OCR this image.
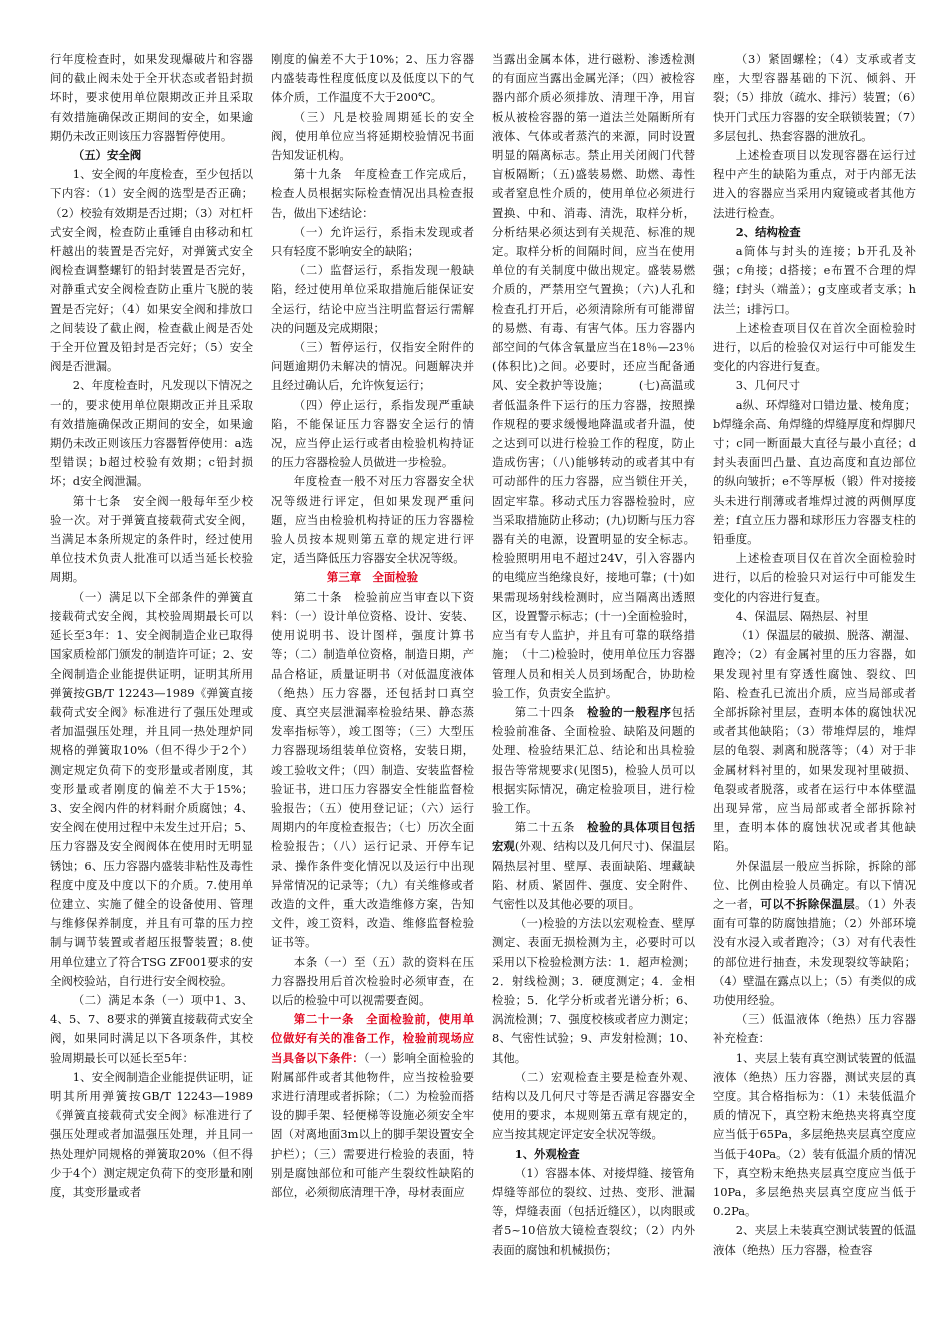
行年度检查时，如果发现爆破片和容器间的截止阀未处于全开状态或者铅封损坏时，要求使用单位限期改正并且采取有效措施确保改正期间的安全，如果逾期仍未改正则该压力容器暂停使用。

（五）安全阀

1、安全阀的年度检查，至少包括以下内容：（1）安全阀的选型是否正确；（2）校验有效期是否过期；（3）对杠杆式安全阀，检查防止重锤自由移动和杠杆越出的装置是否完好，对弹簧式安全阀检查调整螺钉的铅封装置是否完好，对静重式安全阀检查防止重片飞脱的装置是否完好；（4）如果安全阀和排放口之间装设了截止阀，检查截止阀是否处于全开位置及铅封是否完好；（5）安全阀是否泄漏。

2、年度检查时，凡发现以下情况之一的，要求使用单位限期改正并且采取有效措施确保改正期间的安全，如果逾期仍未改正则该压力容器暂停使用：a选型错误；b超过校验有效期；c铅封损坏；d安全阀泄漏。

第十七条　安全阀一般每年至少校验一次。对于弹簧直接载荷式安全阀，当满足本条所规定的条件时，经过使用单位技术负责人批准可以适当延长校验周期。

（一）满足以下全部条件的弹簧直接载荷式安全阀，其校验周期最长可以延长至3年：1、安全阀制造企业已取得国家质检部门颁发的制造许可证；2、安全阀制造企业能提供证明，证明其所用弹簧按GB/T 12243—1989《弹簧直接载荷式安全阀》标准进行了强压处理或者加温强压处理，并且同一热处理炉同规格的弹簧取10%（但不得少于2个）测定规定负荷下的变形量或者刚度，其变形量或者刚度的偏差不大于15%；3、安全阀内件的材料耐介质腐蚀；4、安全阀在使用过程中未发生过开启；5、压力容器及安全阀阀体在使用时无明显锈蚀；6、压力容器内盛装非粘性及毒性程度中度及中度以下的介质。7.使用单位建立、实施了健全的设备使用、管理与维修保养制度，并且有可靠的压力控制与调节装置或者超压报警装置；8.使用单位建立了符合TSG ZF001要求的安全阀校验站，自行进行安全阀校验。

（二）满足本条（一）项中1、3、4、5、7、8要求的弹簧直接载荷式安全阀，如果同时满足以下各项条件，其校验周期最长可以延长至5年：

1、安全阀制造企业能提供证明，证明其所用弹簧按GB/T 12243—1989《弹簧直接载荷式安全阀》标准进行了强压处理或者加温强压处理，并且同一热处理炉同规格的弹簧取20%（但不得少于4个）测定规定负荷下的变形量和刚度，其变形量或者

刚度的偏差不大于10%；2、压力容器内盛装毒性程度低度以及低度以下的气体介质，工作温度不大于200℃。

（三）凡是校验周期延长的安全阀，使用单位应当将延期校验情况书面告知发证机构。

第十九条　年度检查工作完成后，检查人员根据实际检查情况出具检查报告，做出下述结论：

（一）允许运行，系指未发现或者只有轻度不影响安全的缺陷；

（二）监督运行，系指发现一般缺陷，经过使用单位采取措施后能保证安全运行，结论中应当注明监督运行需解决的问题及完成期限；

（三）暂停运行，仅指安全附件的问题逾期仍未解决的情况。问题解决并且经过确认后，允许恢复运行；

（四）停止运行，系指发现严重缺陷，不能保证压力容器安全运行的情况，应当停止运行或者由检验机构持证的压力容器检验人员做进一步检验。

年度检查一般不对压力容器安全状况等级进行评定，但如果发现严重问题，应当由检验机构持证的压力容器检验人员按本规则第五章的规定进行评定，适当降低压力容器安全状况等级。

第三章　全面检验

第二十条　检验前应当审查以下资料：（一）设计单位资格、设计、安装、使用说明书、设计图样，强度计算书等；（二）制造单位资格，制造日期，产品合格证，质量证明书（对低温度液体（绝热）压力容器，还包括封口真空度、真空夹层泄漏率检验结果、静态蒸发率指标等），竣工图等；（三）大型压力容器现场组装单位资格，安装日期，竣工验收文件；（四）制造、安装监督检验证书，进口压力容器安全性能监督检验报告；（五）使用登记证；（六）运行周期内的年度检查报告；（七）历次全面检验报告；（八）运行记录、开停车记录、操作条件变化情况以及运行中出现异常情况的记录等；（九）有关维修或者改造的文件，重大改造维修方案，告知文件，竣工资料，改造、维修监督检验证书等。

本条（一）至（五）款的资料在压力容器投用后首次检验时必须审查，在以后的检验中可以视需要查阅。

第二十一条　全面检验前，使用单位做好有关的准备工作，检验前现场应当具备以下条件：（一）影响全面检验的附属部件或者其他物件，应当按检验要求进行清理或者拆除；（二）为检验而搭设的脚手架、轻便梯等设施必须安全牢固（对离地面3m以上的脚手架设置安全护栏）；（三）需要进行检验的表面，特别是腐蚀部位和可能产生裂纹性缺陷的部位，必须彻底清理干净，母材表面应

当露出金属本体，进行磁粉、渗透检测的有面应当露出金属光泽；（四）被检容器内部介质必须排放、清理干净，用盲板从被检容器的第一道法兰处隔断所有液体、气体或者蒸汽的来源，同时设置明显的隔离标志。禁止用关闭阀门代替盲板隔断；（五)盛装易燃、助燃、毒性或者窒息性介质的，使用单位必须进行置换、中和、消毒、清洗，取样分析，分析结果必须达到有关规范、标准的规定。取样分析的间隔时间，应当在使用单位的有关制度中做出规定。盛装易燃介质的，严禁用空气置换；（六)人孔和检查孔打开后，必须清除所有可能滞留的易燃、有毒、有害气体。压力容器内部空间的气体含氧量应当在18％—23％(体积比)之间。必要时，还应当配备通风、安全救护等设施；　　　(七)高温或者低温条件下运行的压力容器，按照操作规程的要求缓慢地降温或者升温，使之达到可以进行检验工作的程度，防止造成伤害；（八)能够转动的或者其中有可动部件的压力容器，应当锁住开关，固定牢靠。移动式压力容器检验时，应当采取措施防止移动；(九)切断与压力容器有关的电源，设置明显的安全标志。检验照明用电不超过24V，引入容器内的电缆应当绝缘良好，接地可靠；(十)如果需现场射线检测时，应当隔离出透照区，设置警示标志；(十一)全面检验时，应当有专人监护，并且有可靠的联络措施；　（十二)检验时，使用单位压力容器管理人员和相关人员到场配合，协助检验工作，负责安全监护。

第二十四条　检验的一般程序包括检验前准备、全面检验、缺陷及问题的处理、检验结果汇总、结论和出具检验报告等常规要求(见图5)，检验人员可以根据实际情况，确定检验项目，进行检验工作。

第二十五条　检验的具体项目包括宏观(外观、结构以及几何尺寸)、保温层隔热层衬里、壁厚、表面缺陷、埋藏缺陷、材质、紧固件、强度、安全附件、气密性以及其他必要的项目。

（一)检验的方法以宏观检查、壁厚测定、表面无损检测为主，必要时可以采用以下检验检测方法：1．超声检测；2．射线检测；3．硬度测定；4．金相检验；5．化学分析或者光谱分析；6、涡流检测；7、强度校核或者应力测定；8、气密性试验；9、声发射检测；10、其他。

（二）宏观检查主要是检查外观、结构以及几何尺寸等是否满足容器安全使用的要求，本规则第五章有规定的，应当按其规定评定安全状况等级。

1、外观检查

（1）容器本体、对接焊缝、接管角焊缝等部位的裂纹、过热、变形、泄漏等，焊缝表面（包括近缝区），以肉眼或者5~10倍放大镜检查裂纹；（2）内外表面的腐蚀和机械损伤；

（3）紧固螺栓；（4）支承或者支座，大型容器基础的下沉、倾斜、开裂；（5）排放（疏水、排污）装置；（6）快开门式压力容器的安全联锁装置；（7）多层包扎、热套容器的泄放孔。

上述检查项目以发现容器在运行过程中产生的缺陷为重点，对于内部无法进入的容器应当采用内窥镜或者其他方法进行检查。

2、结构检查

a筒体与封头的连接；b开孔及补强；c角接；d搭接；e布置不合理的焊缝；f封头（端盖）；g支座或者支承；h法兰；i排污口。

上述检查项目仅在首次全面检验时进行，以后的检验仅对运行中可能发生变化的内容进行复查。

3、几何尺寸

a纵、环焊缝对口错边量、棱角度；b焊缝余高、角焊缝的焊缝厚度和焊脚尺寸；c同一断面最大直径与最小直径；d封头表面凹凸量、直边高度和直边部位的纵向皱折；e不等厚板（锻）件对接接头未进行削薄或者堆焊过渡的两侧厚度差；f直立压力器和球形压力容器支柱的铅垂度。

上述检查项目仅在首次全面检验时进行，以后的检验只对运行中可能发生变化的内容进行复查。

4、保温层、隔热层、衬里

（1）保温层的破损、脱落、潮湿、跑冷；（2）有金属衬里的压力容器，如果发现衬里有穿透性腐蚀、裂纹、凹陷、检查孔已流出介质，应当局部或者全部拆除衬里层，查明本体的腐蚀状况或者其他缺陷；（3）带堆焊层的，堆焊层的龟裂、剥离和脱落等；（4）对于非金属材料衬里的，如果发现衬里破损、龟裂或者脱落，或者在运行中本体壁温出现异常，应当局部或者全部拆除衬里，查明本体的腐蚀状况或者其他缺陷。

外保温层一般应当拆除，拆除的部位、比例由检验人员确定。有以下情况之一者，可以不拆除保温层。（1）外表面有可靠的防腐蚀措施；（2）外部环境没有水浸入或者跑冷；（3）对有代表性的部位进行抽查，未发现裂纹等缺陷；（4）壁温在露点以上；（5）有类似的成功使用经验。

（三）低温液体（绝热）压力容器补充检查：

1、夹层上装有真空测试装置的低温液体（绝热）压力容器，测试夹层的真空度。其合格指标为：（1）未装低温介质的情况下，真空粉末绝热夹将真空度应当低于65Pa，多层绝热夹层真空度应当低于40Pa。（2）装有低温介质的情况下，真空粉末绝热夹层真空度应当低于10Pa，多层绝热夹层真空度应当低于0.2Pa。

2、夹层上未装真空测试装置的低温液体（绝热）压力容器，检查容
